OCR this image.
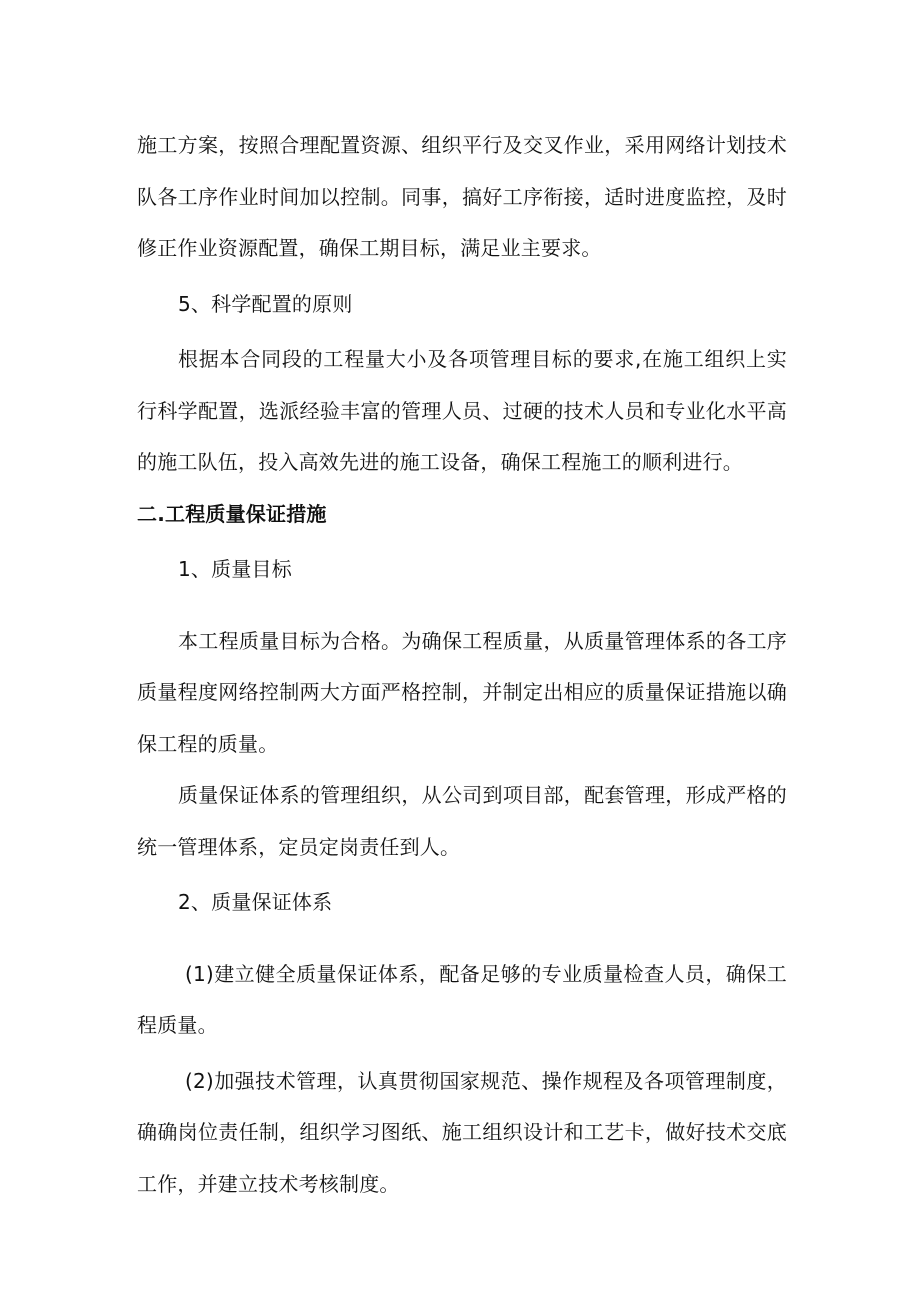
施工方案，按照合理配置资源、组织平行及交叉作业，采用网络计划技术队各工序作业时间加以控制。同事，搞好工序衔接，适时进度监控，及时修正作业资源配置，确保工期目标，满足业主要求。

5、科学配置的原则

根据本合同段的工程量大小及各项管理目标的要求,在施工组织上实行科学配置，选派经验丰富的管理人员、过硬的技术人员和专业化水平高的施工队伍，投入高效先进的施工设备，确保工程施工的顺利进行。

二.工程质量保证措施

1、质量目标

本工程质量目标为合格。为确保工程质量，从质量管理体系的各工序质量程度网络控制两大方面严格控制，并制定出相应的质量保证措施以确保工程的质量。

质量保证体系的管理组织，从公司到项目部，配套管理，形成严格的统一管理体系，定员定岗责任到人。

2、质量保证体系

(1)建立健全质量保证体系，配备足够的专业质量检查人员，确保工程质量。

(2)加强技术管理，认真贯彻国家规范、操作规程及各项管理制度，确确岗位责任制，组织学习图纸、施工组织设计和工艺卡，做好技术交底工作，并建立技术考核制度。
